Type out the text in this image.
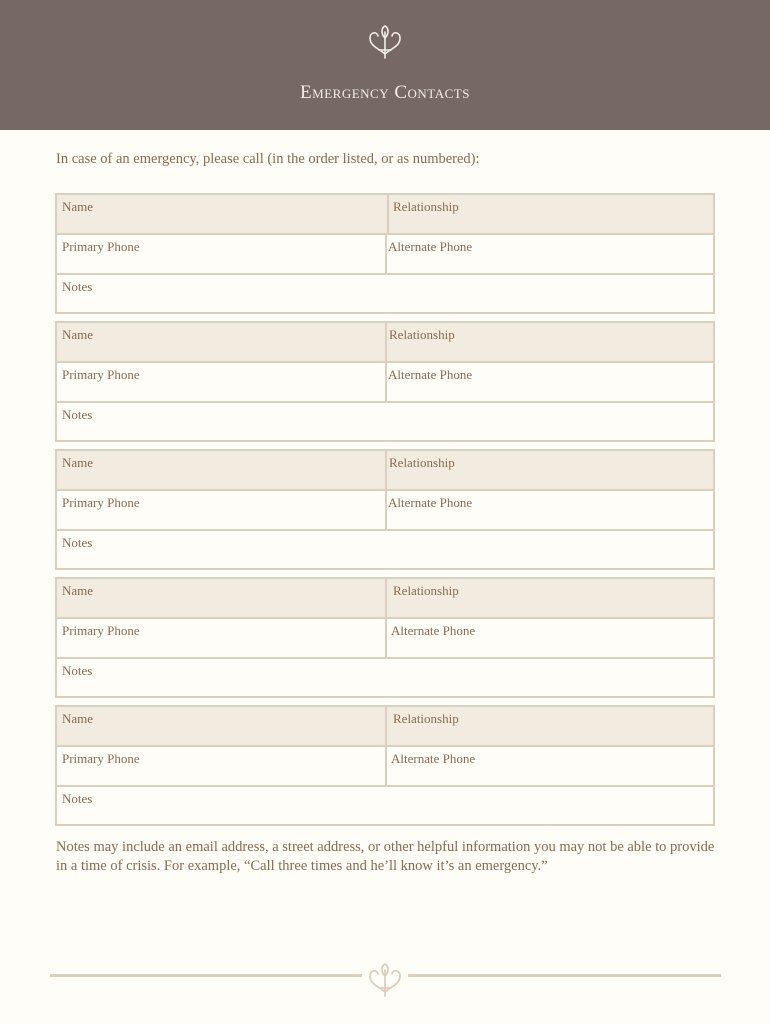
Emergency Contacts
In case of an emergency, please call (in the order listed, or as numbered):
Name	Relationship
Primary Phone	Alternate Phone
Notes
Name	Relationship
Primary Phone	Alternate Phone
Notes
Name	Relationship
Primary Phone	Alternate Phone
Notes
Name	Relationship
Primary Phone	Alternate Phone
Notes
Name	Relationship
Primary Phone	Alternate Phone
Notes
Notes may include an email address, a street address, or other helpful information you may not be able to provide in a time of crisis. For example, “Call three times and he’ll know it’s an emergency.”
